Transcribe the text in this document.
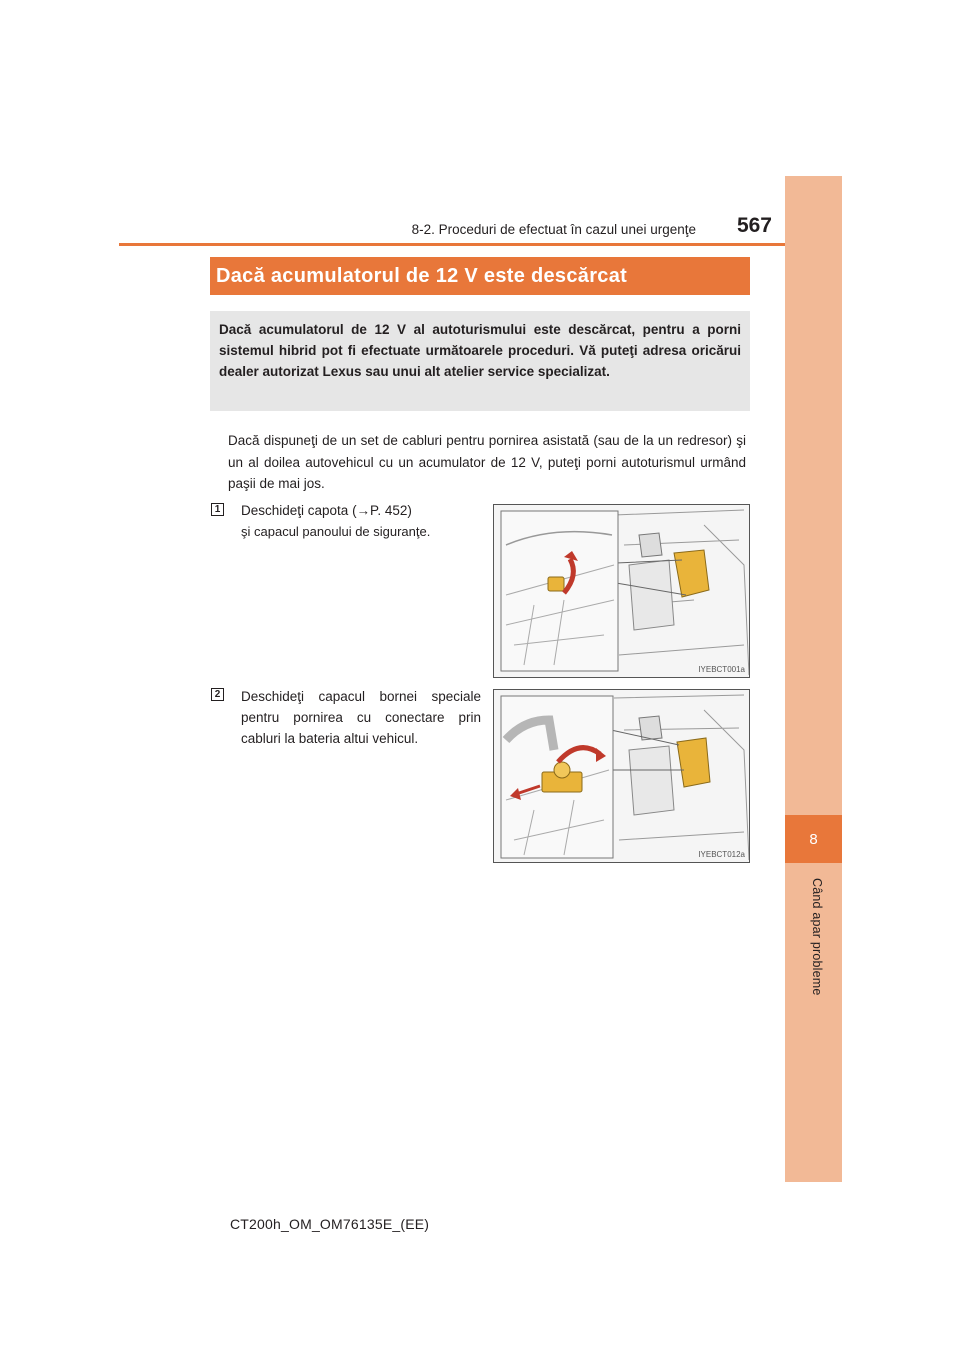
8-2. Proceduri de efectuat în cazul unei urgenţe	567
8
Când apar probleme
Dacă acumulatorul de 12 V este descărcat
Dacă acumulatorul de 12 V al autoturismului este descărcat, pentru a porni sistemul hibrid pot fi efectuate următoarele proceduri. Vă puteţi adresa oricărui dealer autorizat Lexus sau unui alt atelier service specializat.
Dacă dispuneţi de un set de cabluri pentru pornirea asistată (sau de la un redresor) şi un al doilea autovehicul cu un acumulator de 12 V, puteţi porni autoturismul urmând paşii de mai jos.
1 Deschideţi capota (→P. 452)
şi capacul panoului de siguranţe.
IYEBCT001a
2 Deschideţi capacul bornei speciale pentru pornirea cu conectare prin cabluri la bateria altui vehicul.
IYEBCT012a
CT200h_OM_OM76135E_(EE)
